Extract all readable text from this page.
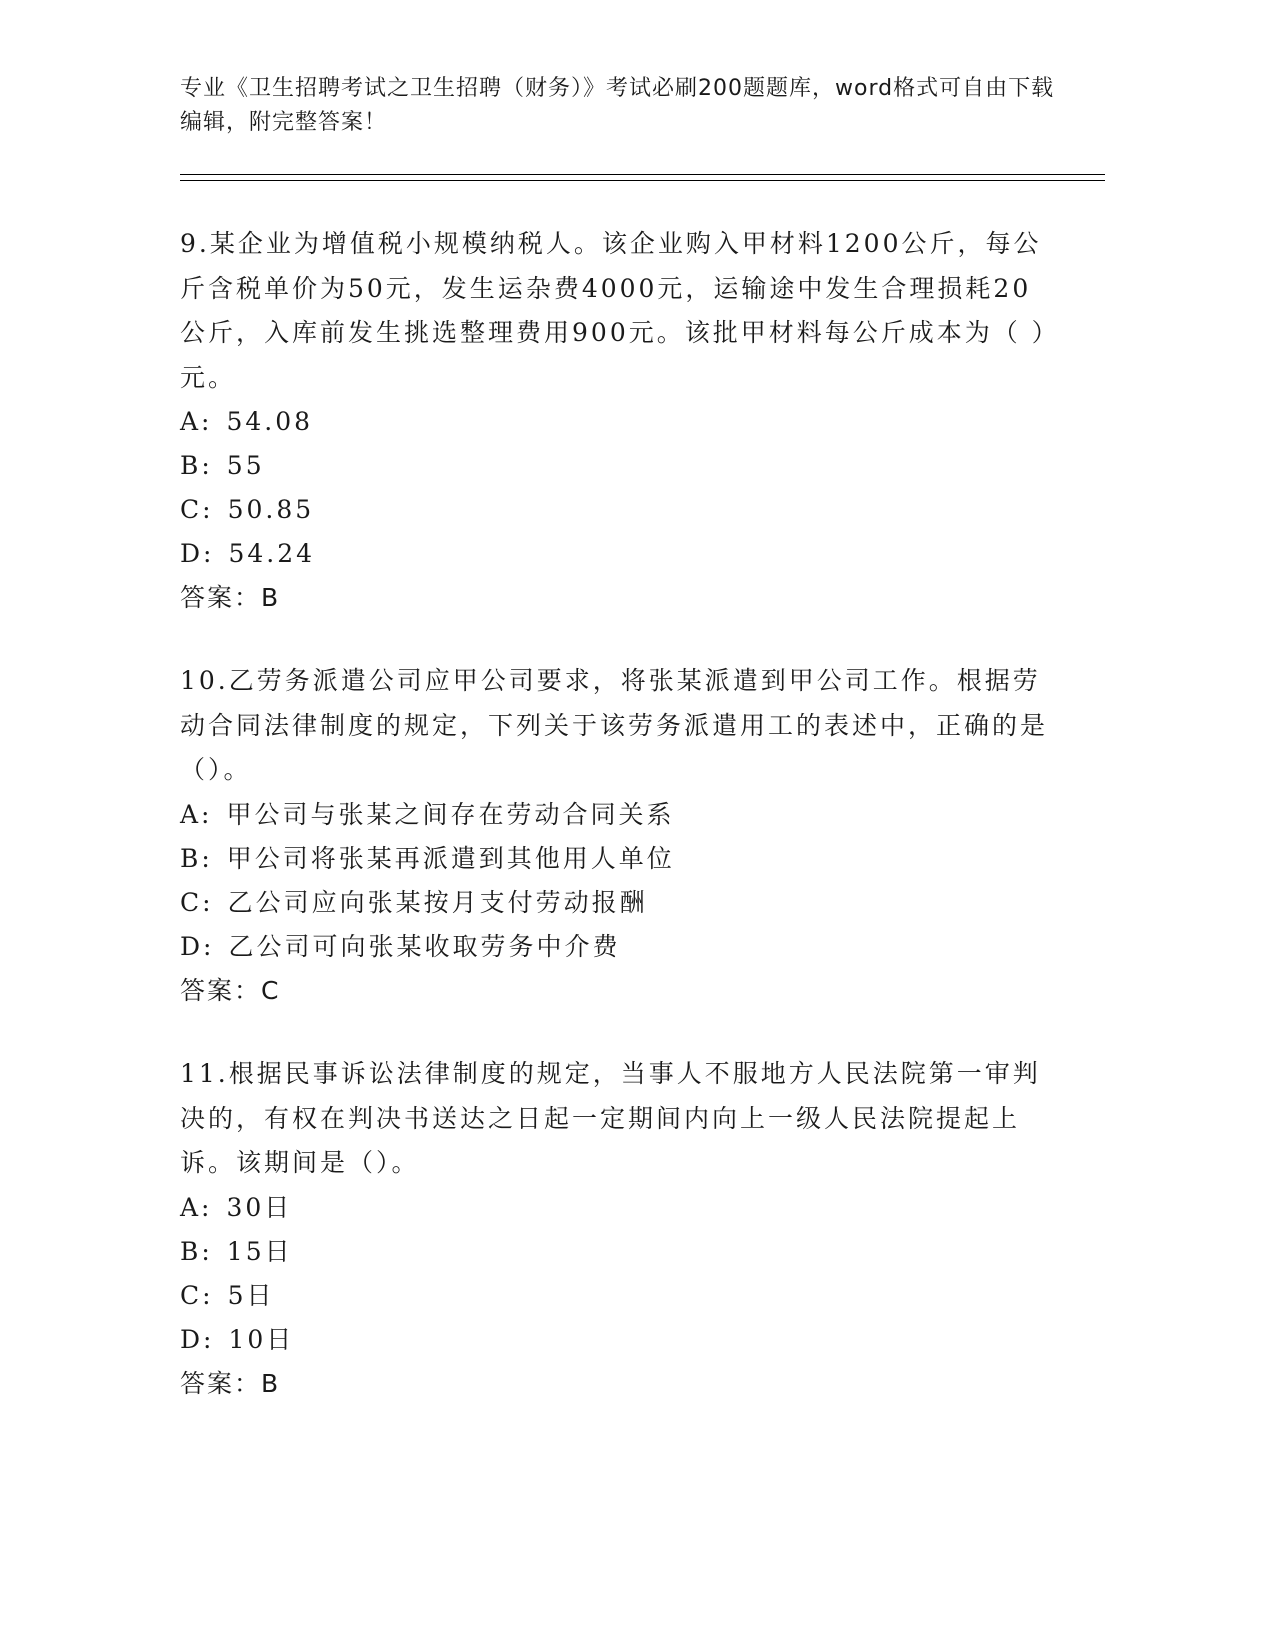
专业《卫生招聘考试之卫生招聘（财务）》考试必刷200题题库，word格式可自由下载编辑，附完整答案！

9.某企业为增值税小规模纳税人。该企业购入甲材料1200公斤，每公斤含税单价为50元，发生运杂费4000元，运输途中发生合理损耗20公斤，入库前发生挑选整理费用900元。该批甲材料每公斤成本为（ ）元。

A: 54.08

B: 55

C: 50.85

D: 54.24

答案：B

10.乙劳务派遣公司应甲公司要求，将张某派遣到甲公司工作。根据劳动合同法律制度的规定，下列关于该劳务派遣用工的表述中，正确的是（）。

A: 甲公司与张某之间存在劳动合同关系

B: 甲公司将张某再派遣到其他用人单位

C: 乙公司应向张某按月支付劳动报酬

D: 乙公司可向张某收取劳务中介费

答案：C

11.根据民事诉讼法律制度的规定，当事人不服地方人民法院第一审判决的，有权在判决书送达之日起一定期间内向上一级人民法院提起上诉。该期间是（）。

A: 30日

B: 15日

C: 5日

D: 10日

答案：B
